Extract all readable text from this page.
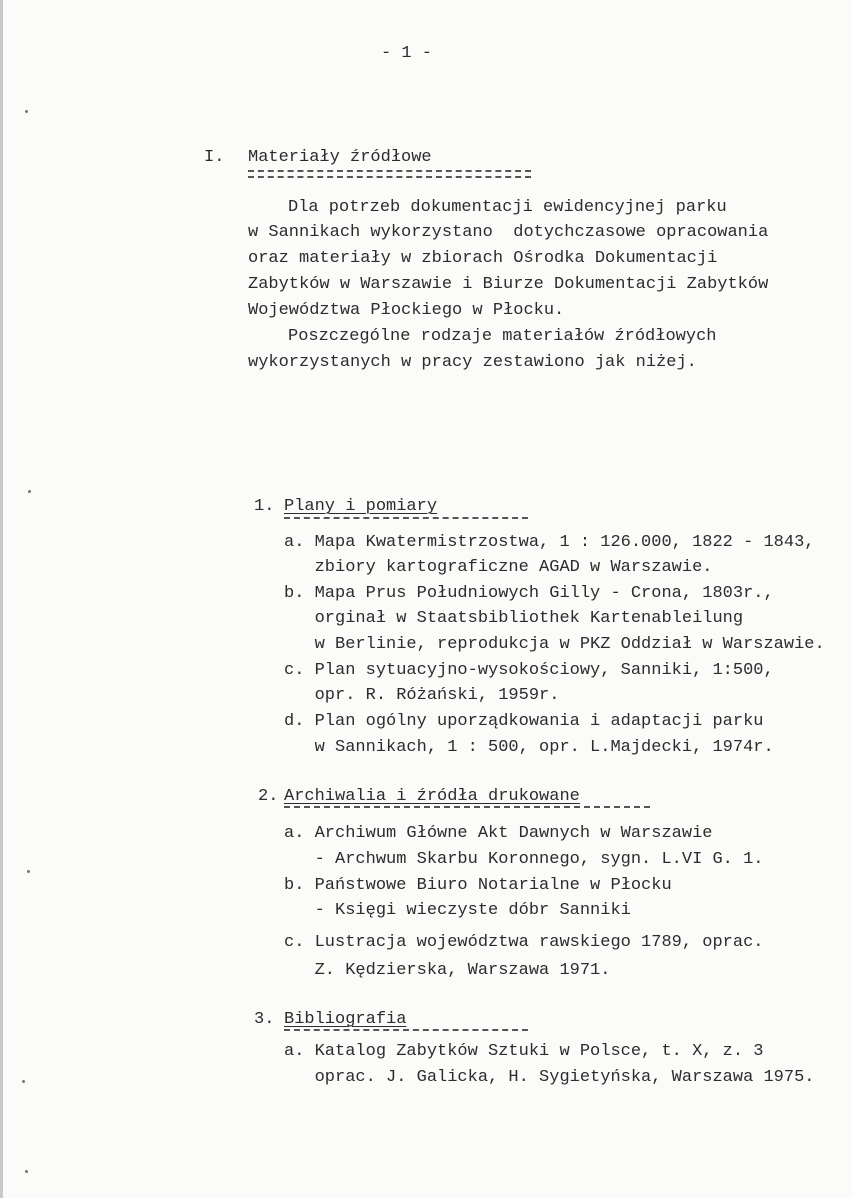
- 1 -
I. Materiały źródłowe
Dla potrzeb dokumentacji ewidencyjnej parku
w Sannikach wykorzystano  dotychczasowe opracowania
oraz materiały w zbiorach Ośrodka Dokumentacji
Zabytków w Warszawie i Biurze Dokumentacji Zabytków
Województwa Płockiego w Płocku.
Poszczególne rodzaje materiałów źródłowych
wykorzystanych w pracy zestawiono jak niżej.
1. Plany i pomiary
a. Mapa Kwatermistrzostwa, 1 : 126.000, 1822 - 1843,
zbiory kartograficzne AGAD w Warszawie.
b. Mapa Prus Południowych Gilly - Crona, 1803r.,
orginał w Staatsbibliothek Kartenableilung
w Berlinie, reprodukcja w PKZ Oddział w Warszawie.
c. Plan sytuacyjno-wysokościowy, Sanniki, 1:500,
opr. R. Różański, 1959r.
d. Plan ogólny uporządkowania i adaptacji parku
w Sannikach, 1 : 500, opr. L.Majdecki, 1974r.
2. Archiwalia i źródła drukowane
a. Archiwum Główne Akt Dawnych w Warszawie
- Archwum Skarbu Koronnego, sygn. L.VI G. 1.
b. Państwowe Biuro Notarialne w Płocku
- Księgi wieczyste dóbr Sanniki
c. Lustracja województwa rawskiego 1789, oprac.
Z. Kędzierska, Warszawa 1971.
3. Bibliografia
a. Katalog Zabytków Sztuki w Polsce, t. X, z. 3
oprac. J. Galicka, H. Sygietyńska, Warszawa 1975.
